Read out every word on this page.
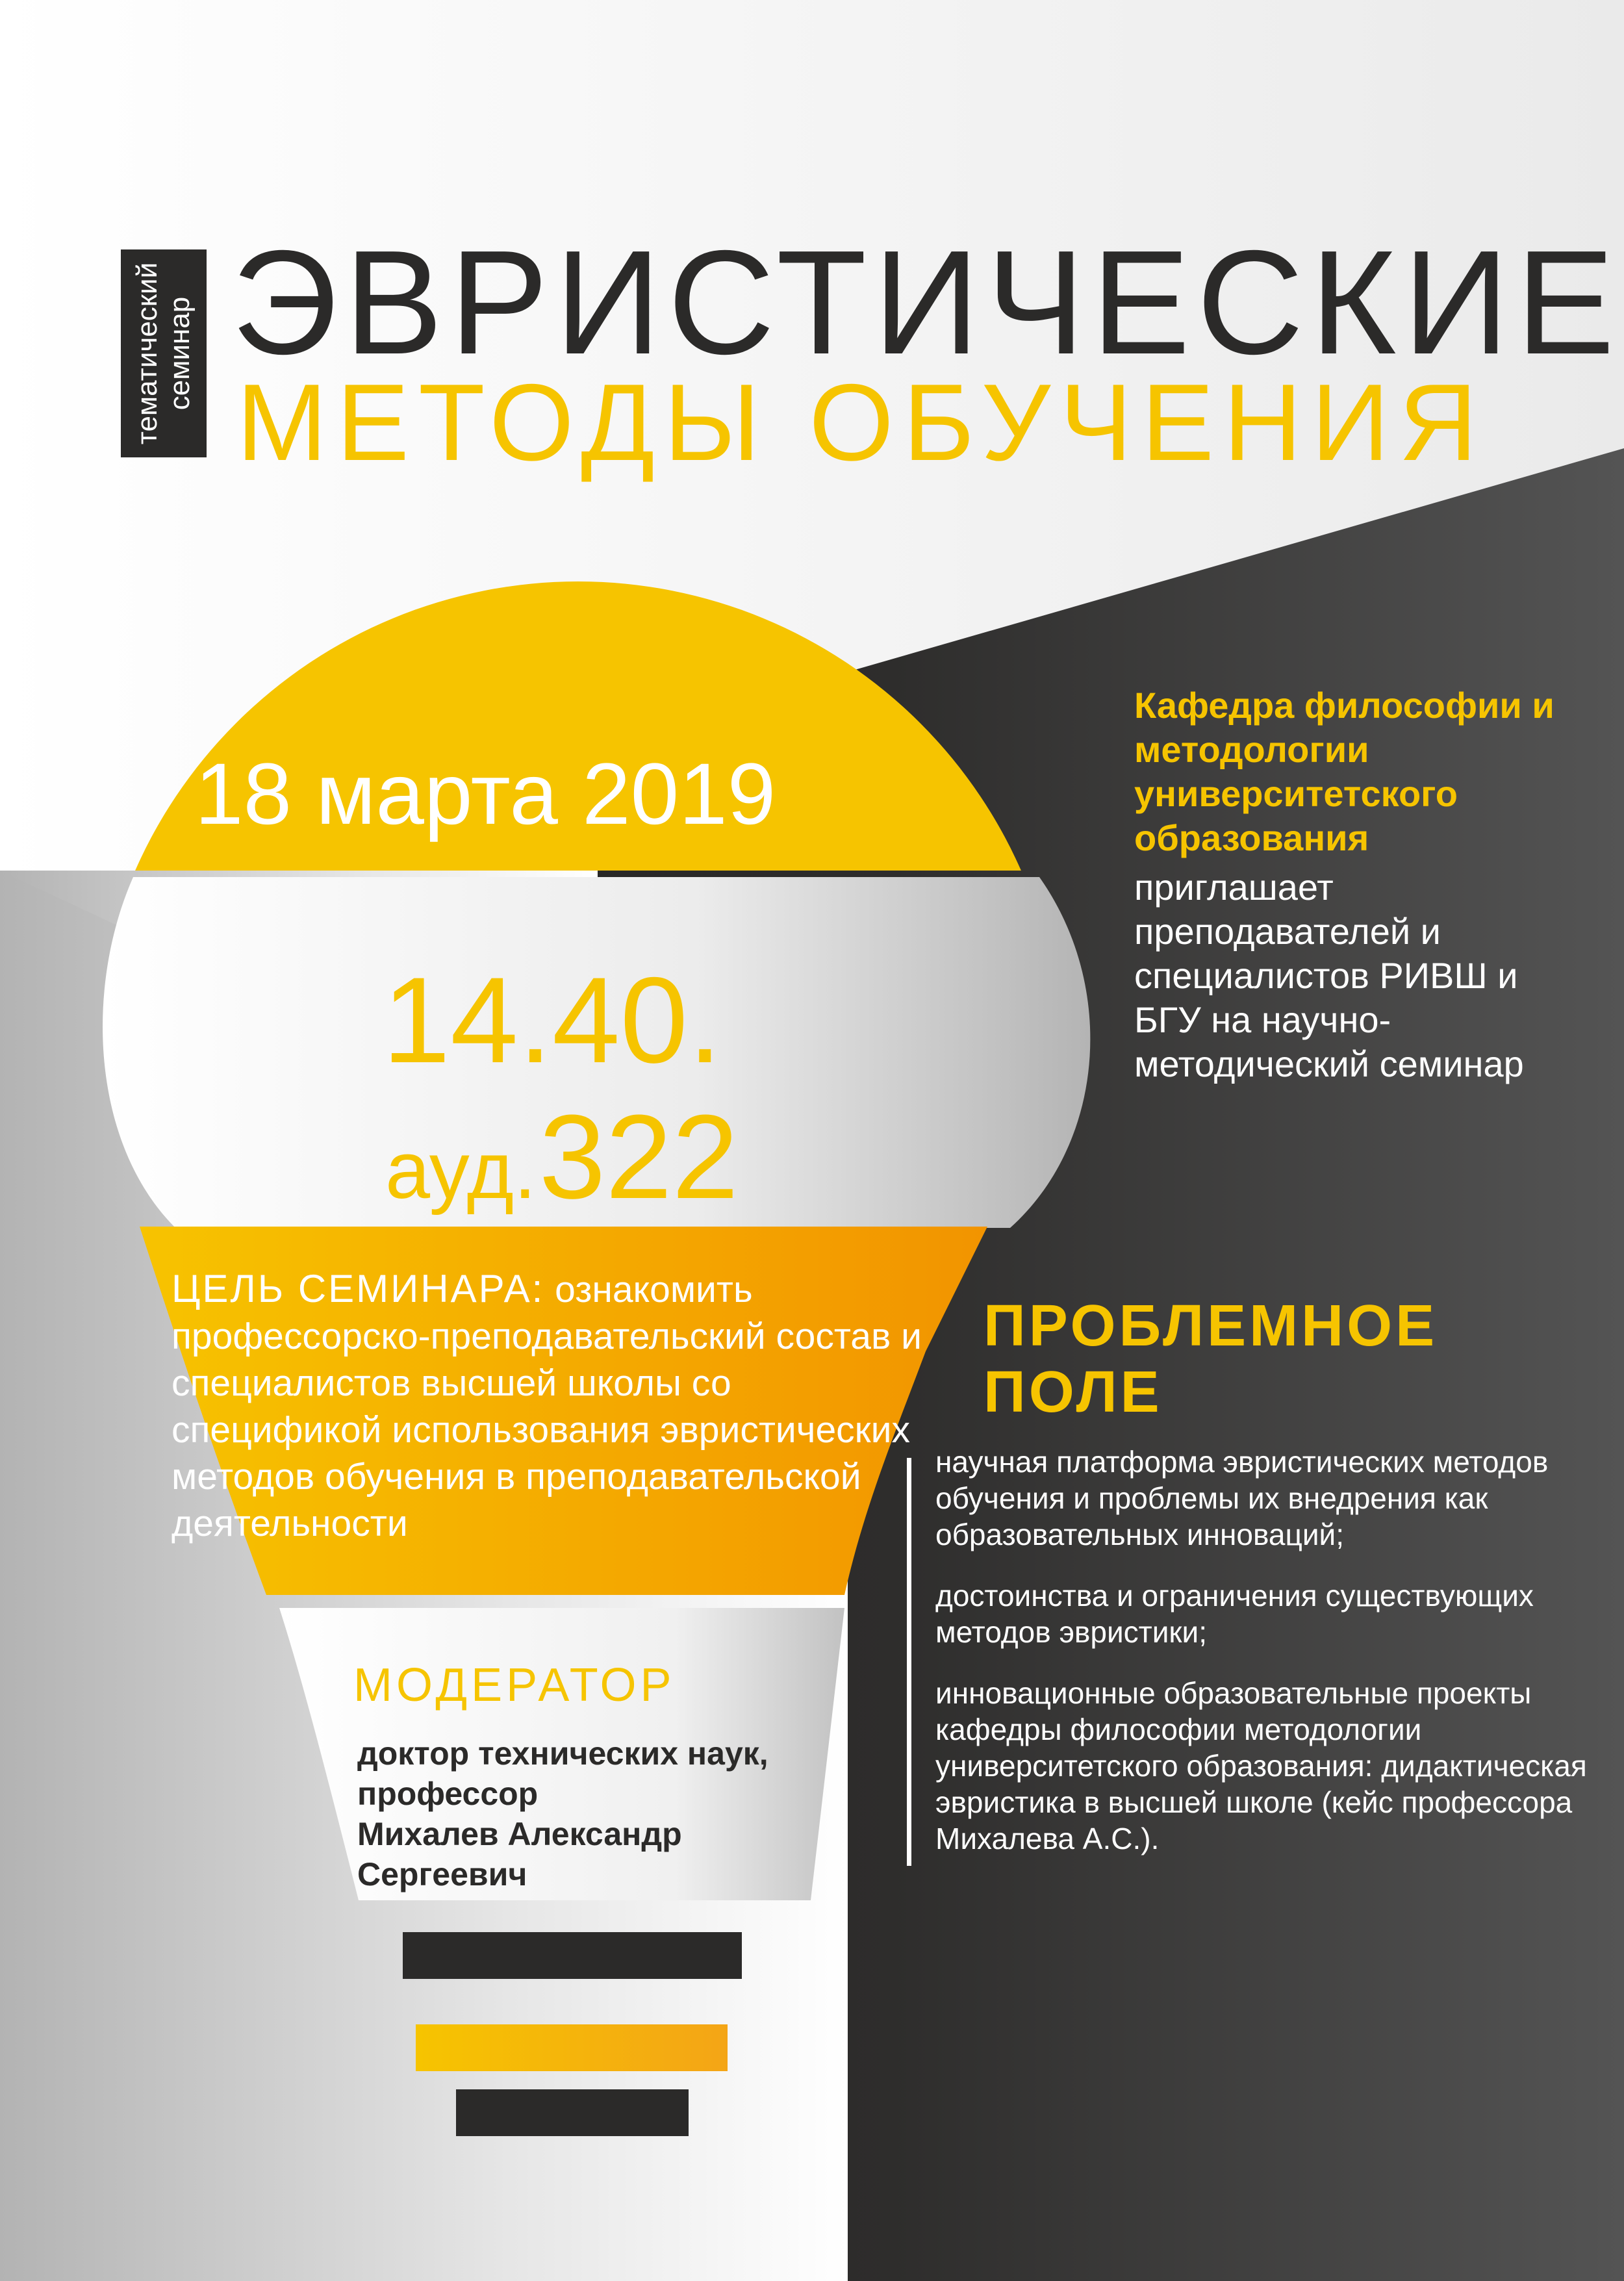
тематический семинар ЭВРИСТИЧЕСКИЕ
МЕТОДЫ ОБУЧЕНИЯ
18 марта 2019
14.40.
ауд. 322

ЦЕЛЬ СЕМИНАРА: ознакомить профессорско-преподавательский состав и специалистов высшей школы со спецификой использования эвристических методов обучения в преподавательской деятельности

Кафедра философии и методологии университетского образования
приглашает преподавателей и специалистов РИВШ и БГУ на научно-методический семинар
ПРОБЛЕМНОЕ ПОЛЕ
научная платформа эвристических методов обучения и проблемы их внедрения как образовательных инноваций;
достоинства и ограничения существующих методов эвристики;
инновационные образовательные проекты кафедры философии методологии университетского образования: дидактическая эвристика в высшей школе (кейс профессора Михалева А.С.).
МОДЕРАТОР
доктор технических наук,
профессор
Михалев Александр
Сергеевич
